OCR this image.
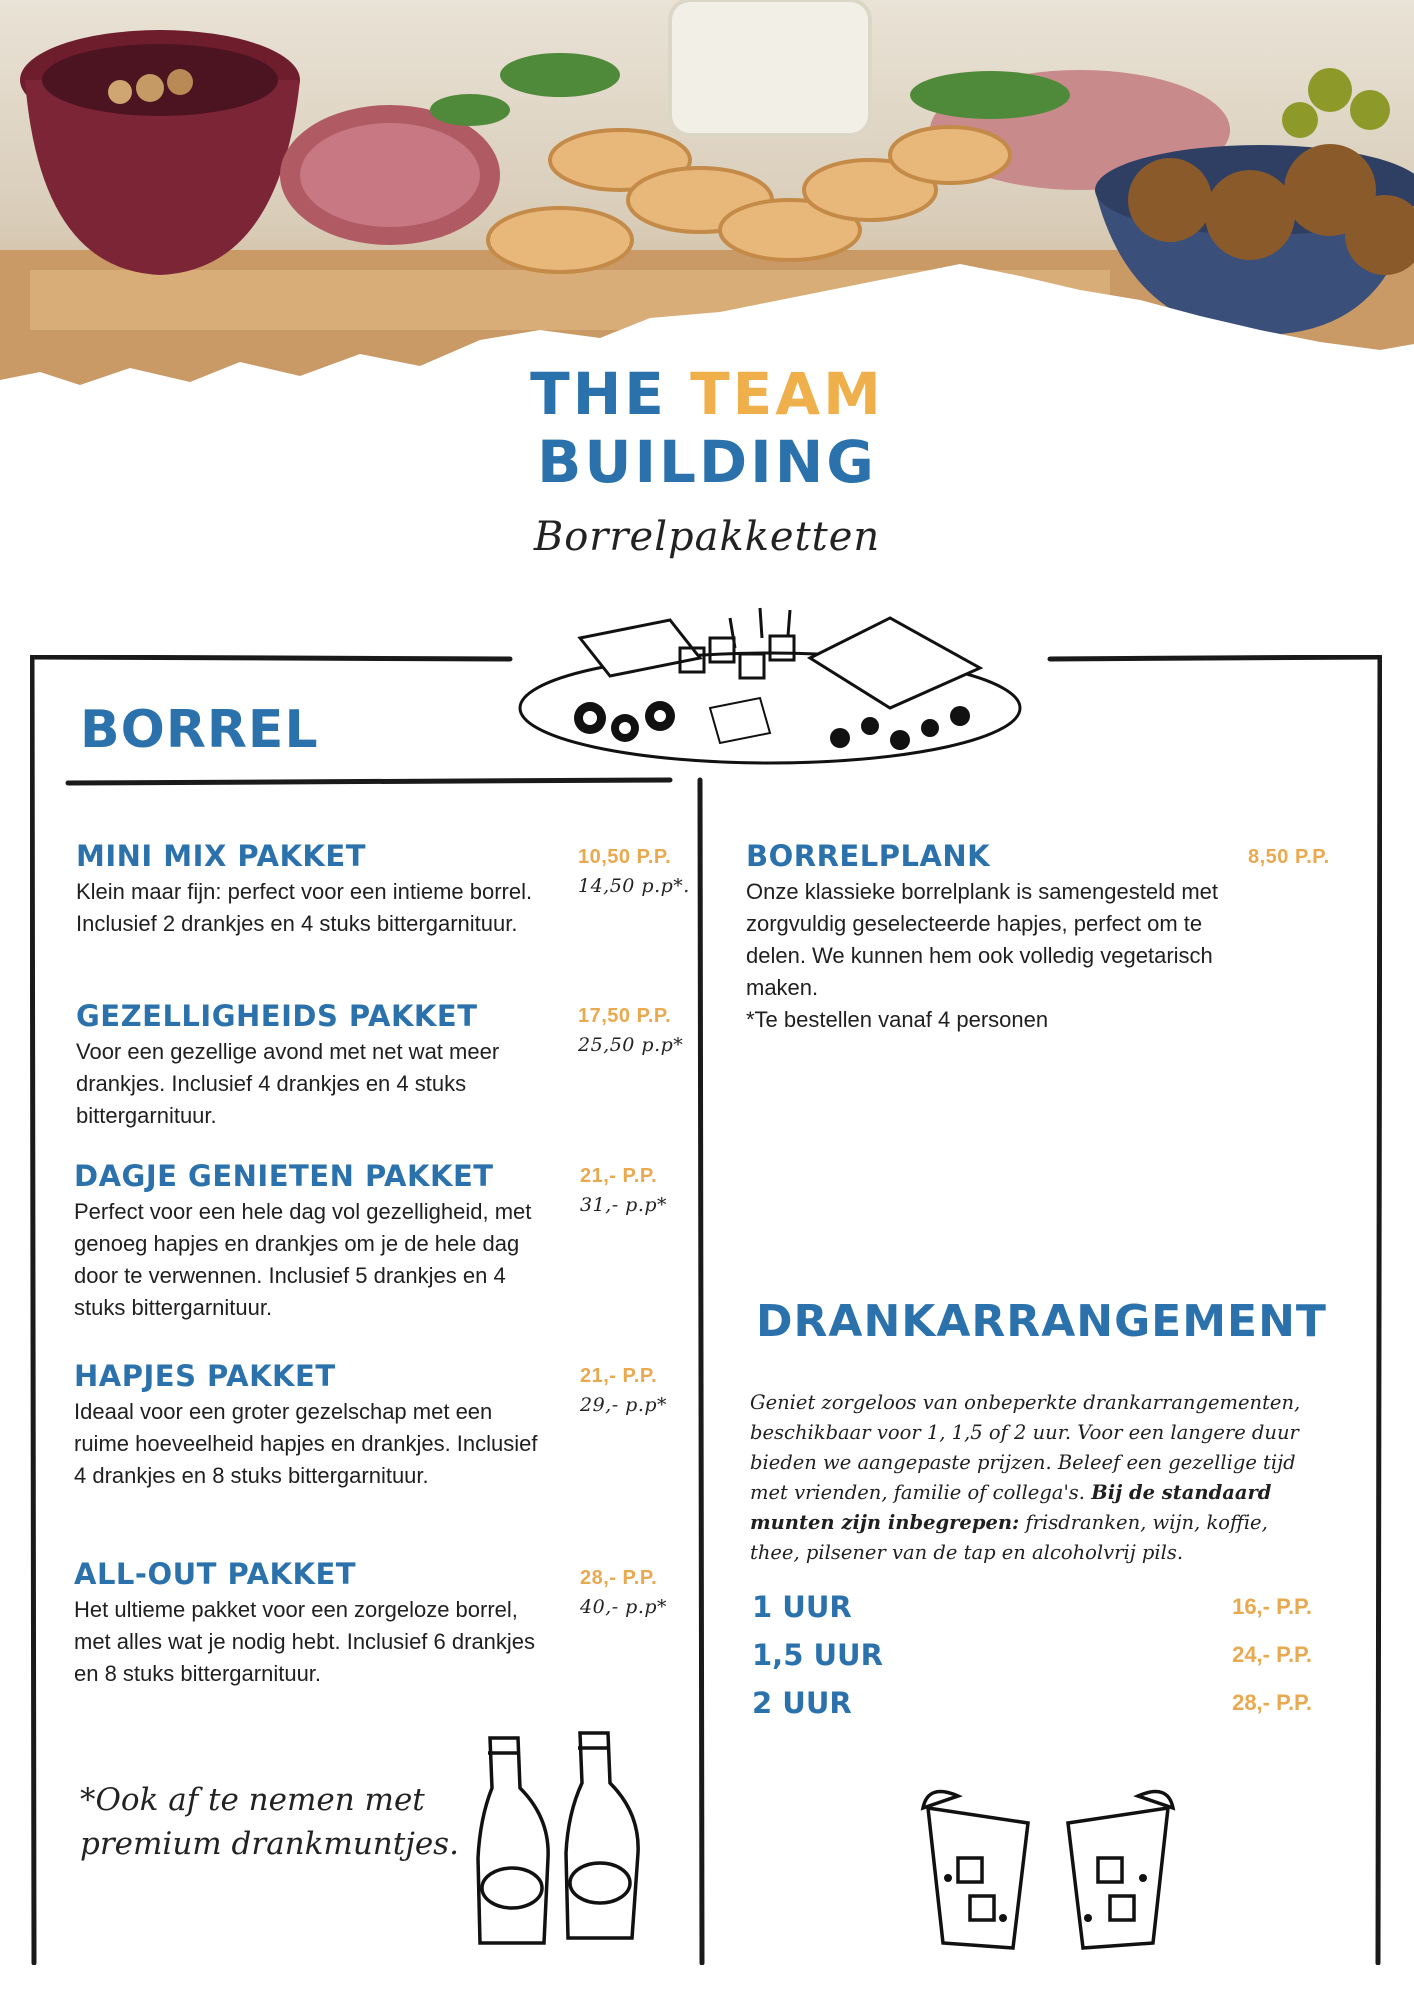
THE TEAM
BUILDING
Borrelpakketten
BORREL
MINI MIX PAKKET
Klein maar fijn: perfect voor een intieme borrel. Inclusief 2 drankjes en 4 stuks bittergarnituur.
10,50 P.P.
14,50 p.p*.
GEZELLIGHEIDS PAKKET
Voor een gezellige avond met net wat meer drankjes. Inclusief 4 drankjes en 4 stuks bittergarnituur.
17,50 P.P.
25,50 p.p*
DAGJE GENIETEN PAKKET
Perfect voor een hele dag vol gezelligheid, met genoeg hapjes en drankjes om je de hele dag door te verwennen. Inclusief 5 drankjes en 4 stuks bittergarnituur.
21,- P.P.
31,- p.p*
HAPJES PAKKET
Ideaal voor een groter gezelschap met een ruime hoeveelheid hapjes en drankjes. Inclusief 4 drankjes en 8 stuks bittergarnituur.
21,- P.P.
29,- p.p*
ALL-OUT PAKKET
Het ultieme pakket voor een zorgeloze borrel, met alles wat je nodig hebt. Inclusief 6 drankjes en 8 stuks bittergarnituur.
28,- P.P.
40,- p.p*
*Ook af te nemen met premium drankmuntjes.
BORRELPLANK
Onze klassieke borrelplank is samengesteld met zorgvuldig geselecteerde hapjes, perfect om te delen. We kunnen hem ook volledig vegetarisch maken.
*Te bestellen vanaf 4 personen
8,50 P.P.
DRANKARRANGEMENT
Geniet zorgeloos van onbeperkte drankarrangementen, beschikbaar voor 1, 1,5 of 2 uur. Voor een langere duur bieden we aangepaste prijzen. Beleef een gezellige tijd met vrienden, familie of collega's. Bij de standaard munten zijn inbegrepen: frisdranken, wijn, koffie, thee, pilsener van de tap en alcoholvrij pils.
1 UUR	16,- P.P.
1,5 UUR	24,- P.P.
2 UUR	28,- P.P.
